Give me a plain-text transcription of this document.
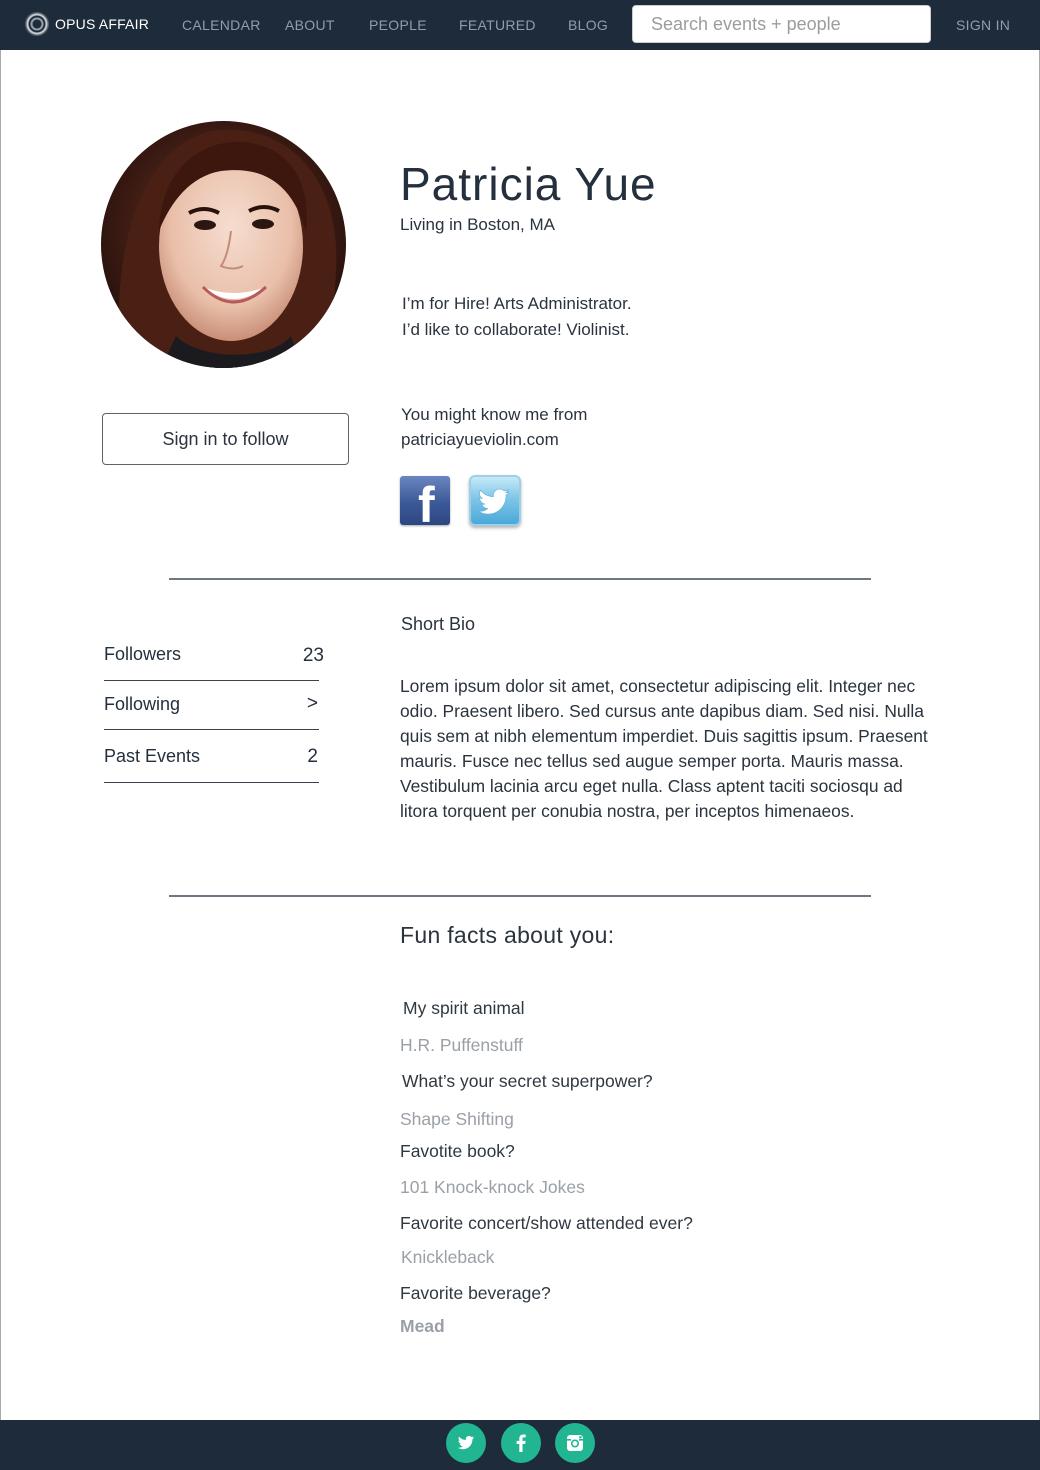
OPUS AFFAIR CALENDAR ABOUT PEOPLE FEATURED BLOG
Search events + people	SIGN IN
Patricia Yue
Living in Boston, MA
I’m for Hire! Arts Administrator.
I’d like to collaborate! Violinist.
Sign in to follow
You might know me from
patriciayueviolin.com
f
Followers	23
Following	>
Past Events	2
Short Bio
Lorem ipsum dolor sit amet, consectetur adipiscing elit. Integer nec odio. Praesent libero. Sed cursus ante dapibus diam. Sed nisi. Nulla quis sem at nibh elementum imperdiet. Duis sagittis ipsum. Praesent mauris. Fusce nec tellus sed augue semper porta. Mauris massa. Vestibulum lacinia arcu eget nulla. Class aptent taciti sociosqu ad litora torquent per conubia nostra, per inceptos himenaeos.
Fun facts about you:
My spirit animal
H.R. Puffenstuff
What’s your secret superpower?
Shape Shifting
Favotite book?
101 Knock-knock Jokes
Favorite concert/show attended ever?
Knickleback
Favorite beverage?
Mead
